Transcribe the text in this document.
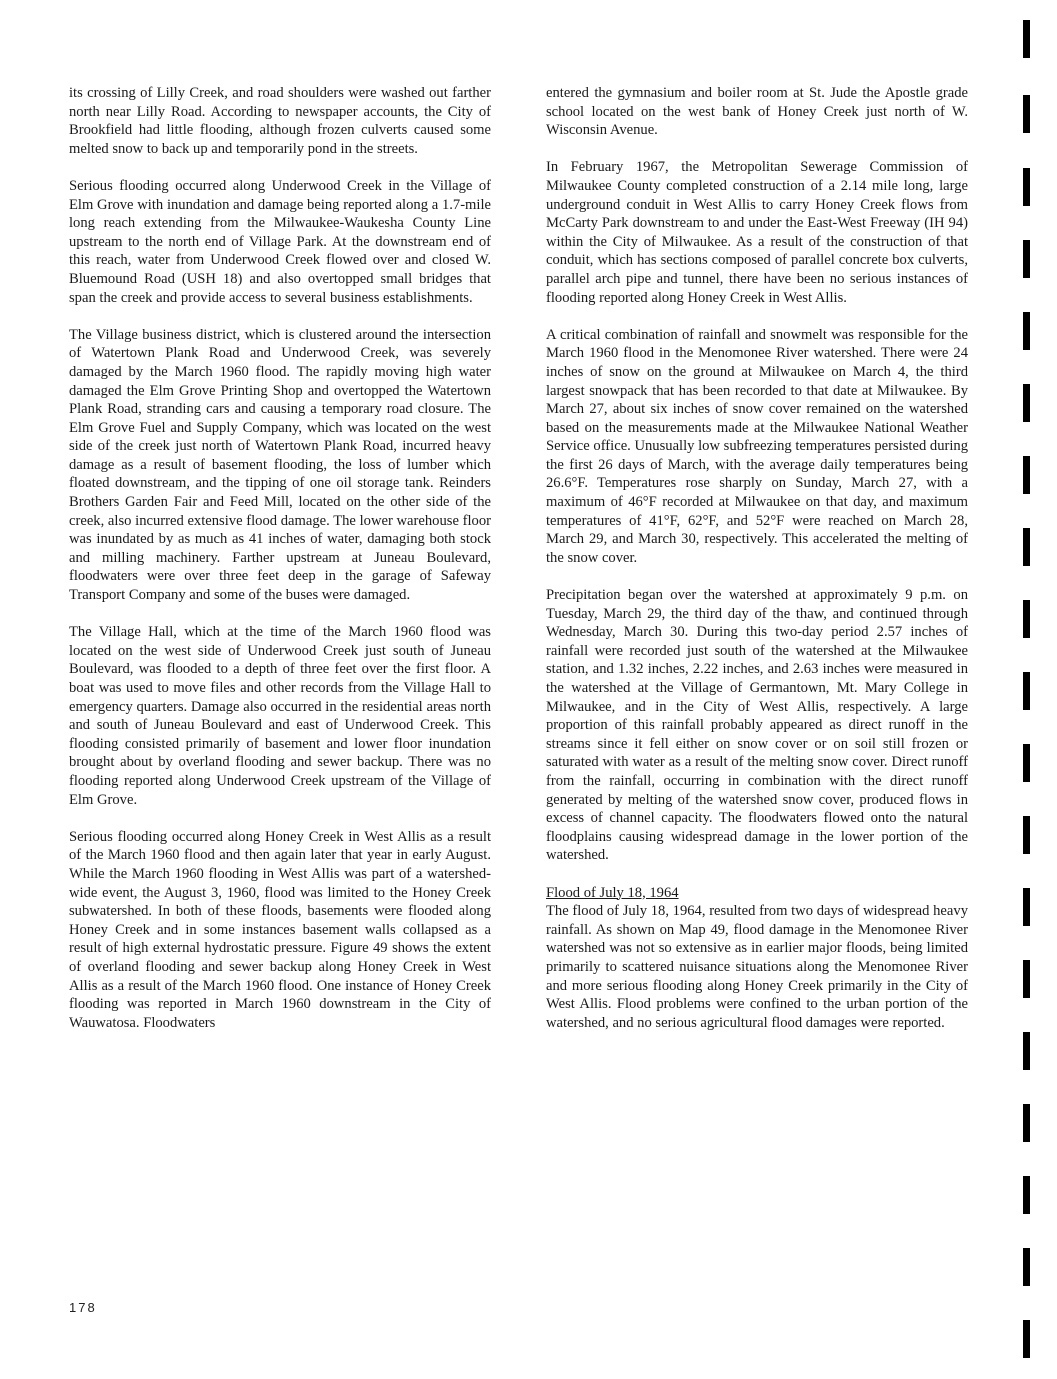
its crossing of Lilly Creek, and road shoulders were washed out farther north near Lilly Road. According to newspaper accounts, the City of Brookfield had little flooding, although frozen culverts caused some melted snow to back up and temporarily pond in the streets.

Serious flooding occurred along Underwood Creek in the Village of Elm Grove with inundation and damage being reported along a 1.7-mile long reach extending from the Milwaukee-Waukesha County Line upstream to the north end of Village Park. At the downstream end of this reach, water from Underwood Creek flowed over and closed W. Bluemound Road (USH 18) and also overtopped small bridges that span the creek and provide access to several business establishments.

The Village business district, which is clustered around the intersection of Watertown Plank Road and Underwood Creek, was severely damaged by the March 1960 flood. The rapidly moving high water damaged the Elm Grove Printing Shop and overtopped the Watertown Plank Road, stranding cars and causing a temporary road closure. The Elm Grove Fuel and Supply Company, which was located on the west side of the creek just north of Watertown Plank Road, incurred heavy damage as a result of basement flooding, the loss of lumber which floated downstream, and the tipping of one oil storage tank. Reinders Brothers Garden Fair and Feed Mill, located on the other side of the creek, also incurred extensive flood damage. The lower warehouse floor was inundated by as much as 41 inches of water, damaging both stock and milling machinery. Farther upstream at Juneau Boulevard, floodwaters were over three feet deep in the garage of Safeway Transport Company and some of the buses were damaged.

The Village Hall, which at the time of the March 1960 flood was located on the west side of Underwood Creek just south of Juneau Boulevard, was flooded to a depth of three feet over the first floor. A boat was used to move files and other records from the Village Hall to emergency quarters. Damage also occurred in the residential areas north and south of Juneau Boulevard and east of Underwood Creek. This flooding consisted primarily of basement and lower floor inundation brought about by overland flooding and sewer backup. There was no flooding reported along Underwood Creek upstream of the Village of Elm Grove.

Serious flooding occurred along Honey Creek in West Allis as a result of the March 1960 flood and then again later that year in early August. While the March 1960 flooding in West Allis was part of a watershed-wide event, the August 3, 1960, flood was limited to the Honey Creek subwatershed. In both of these floods, basements were flooded along Honey Creek and in some instances basement walls collapsed as a result of high external hydrostatic pressure. Figure 49 shows the extent of overland flooding and sewer backup along Honey Creek in West Allis as a result of the March 1960 flood. One instance of Honey Creek flooding was reported in March 1960 downstream in the City of Wauwatosa. Floodwaters

entered the gymnasium and boiler room at St. Jude the Apostle grade school located on the west bank of Honey Creek just north of W. Wisconsin Avenue.

In February 1967, the Metropolitan Sewerage Commission of Milwaukee County completed construction of a 2.14 mile long, large underground conduit in West Allis to carry Honey Creek flows from McCarty Park downstream to and under the East-West Freeway (IH 94) within the City of Milwaukee. As a result of the construction of that conduit, which has sections composed of parallel concrete box culverts, parallel arch pipe and tunnel, there have been no serious instances of flooding reported along Honey Creek in West Allis.

A critical combination of rainfall and snowmelt was responsible for the March 1960 flood in the Menomonee River watershed. There were 24 inches of snow on the ground at Milwaukee on March 4, the third largest snowpack that has been recorded to that date at Milwaukee. By March 27, about six inches of snow cover remained on the watershed based on the measurements made at the Milwaukee National Weather Service office. Unusually low subfreezing temperatures persisted during the first 26 days of March, with the average daily temperatures being 26.6°F. Temperatures rose sharply on Sunday, March 27, with a maximum of 46°F recorded at Milwaukee on that day, and maximum temperatures of 41°F, 62°F, and 52°F were reached on March 28, March 29, and March 30, respectively. This accelerated the melting of the snow cover.

Precipitation began over the watershed at approximately 9 p.m. on Tuesday, March 29, the third day of the thaw, and continued through Wednesday, March 30. During this two-day period 2.57 inches of rainfall were recorded just south of the watershed at the Milwaukee station, and 1.32 inches, 2.22 inches, and 2.63 inches were measured in the watershed at the Village of Germantown, Mt. Mary College in Milwaukee, and in the City of West Allis, respectively. A large proportion of this rainfall probably appeared as direct runoff in the streams since it fell either on snow cover or on soil still frozen or saturated with water as a result of the melting snow cover. Direct runoff from the rainfall, occurring in combination with the direct runoff generated by melting of the watershed snow cover, produced flows in excess of channel capacity. The floodwaters flowed onto the natural floodplains causing widespread damage in the lower portion of the watershed.

Flood of July 18, 1964

The flood of July 18, 1964, resulted from two days of widespread heavy rainfall. As shown on Map 49, flood damage in the Menomonee River watershed was not so extensive as in earlier major floods, being limited primarily to scattered nuisance situations along the Menomonee River and more serious flooding along Honey Creek primarily in the City of West Allis. Flood problems were confined to the urban portion of the watershed, and no serious agricultural flood damages were reported.

178
